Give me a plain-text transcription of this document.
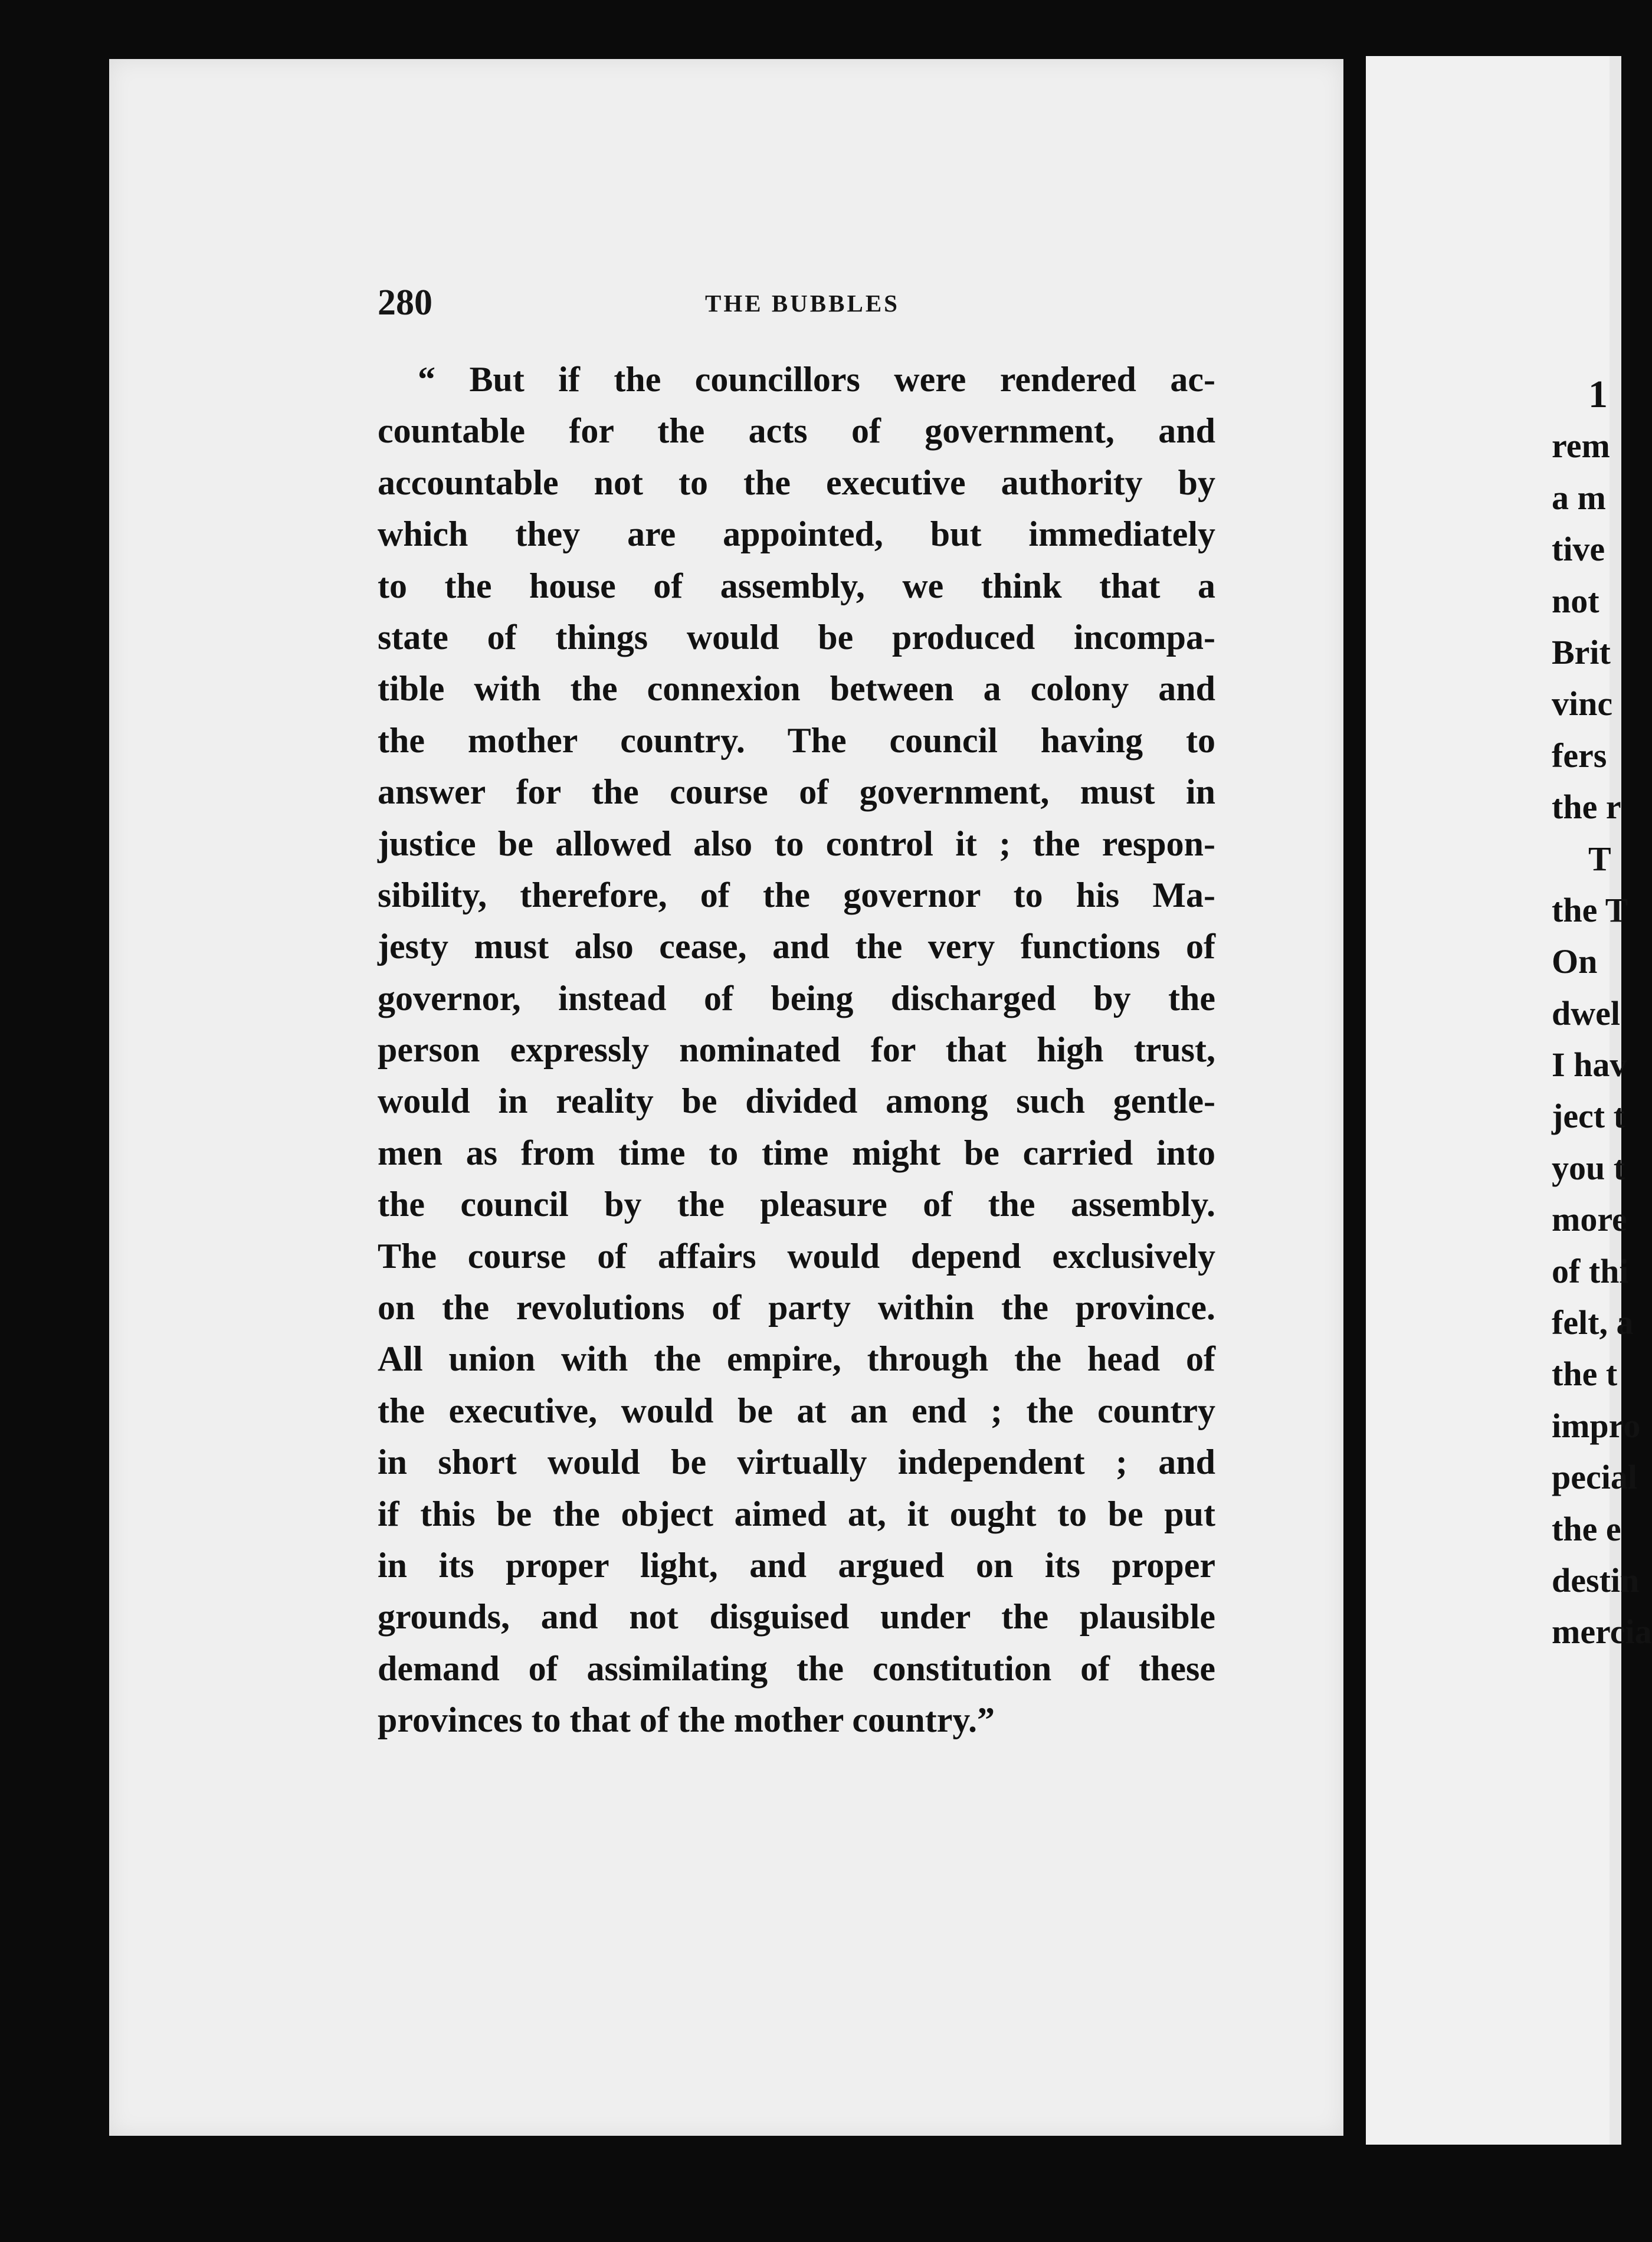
280	THE BUBBLES
“ But if the councillors were rendered ac-
countable for the acts of government, and
accountable not to the executive authority by
which they are appointed, but immediately
to the house of assembly, we think that a
state of things would be produced incompa-
tible with the connexion between a colony and
the mother country. The council having to
answer for the course of government, must in
justice be allowed also to control it ; the respon-
sibility, therefore, of the governor to his Ma-
jesty must also cease, and the very functions of
governor, instead of being discharged by the
person expressly nominated for that high trust,
would in reality be divided among such gentle-
men as from time to time might be carried into
the council by the pleasure of the assembly.
The course of affairs would depend exclusively
on the revolutions of party within the province.
All union with the empire, through the head of
the executive, would be at an end ; the country
in short would be virtually independent ; and
if this be the object aimed at, it ought to be put
in its proper light, and argued on its proper
grounds, and not disguised under the plausible
demand of assimilating the constitution of these
provinces to that of the mother country.”
1
rem
a m
tive
not
Brit
vinc
fers
the r
T
the T
On
dwel
I hav
ject t
you t
more
of thi
felt, a
the t
impro
pecial
the e
destin
mercia
